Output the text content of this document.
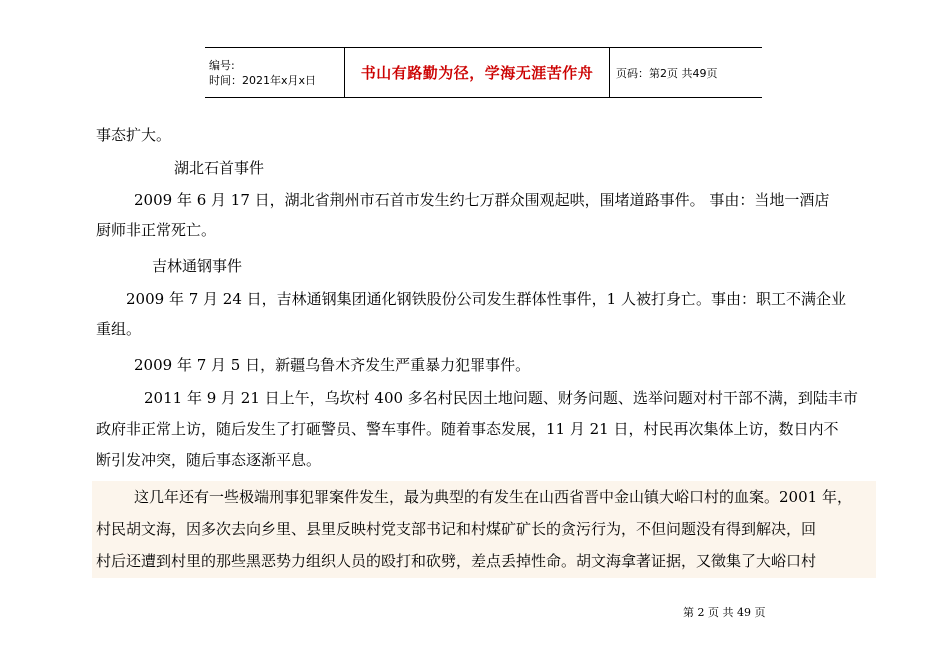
编号:
时间：2021年x月x日	书山有路勤为径，学海无涯苦作舟	页码：第2页 共49页
事态扩大。
湖北石首事件
2009 年 6 月 17 日，湖北省荆州市石首市发生约七万群众围观起哄，围堵道路事件。 事由：当地一酒店
厨师非正常死亡。
吉林通钢事件
2009 年 7 月 24 日，吉林通钢集团通化钢铁股份公司发生群体性事件，1 人被打身亡。事由：职工不满企业
重组。
2009 年 7 月 5 日，新疆乌鲁木齐发生严重暴力犯罪事件。
2011 年 9 月 21 日上午，乌坎村 400 多名村民因土地问题、财务问题、选举问题对村干部不满，到陆丰市
政府非正常上访，随后发生了打砸警员、警车事件。随着事态发展，11 月 21 日，村民再次集体上访，数日内不
断引发冲突，随后事态逐渐平息。
这几年还有一些极端刑事犯罪案件发生，最为典型的有发生在山西省晋中金山镇大峪口村的血案。2001 年，
村民胡文海，因多次去向乡里、县里反映村党支部书记和村煤矿矿长的贪污行为，不但问题没有得到解决，回
村后还遭到村里的那些黑恶势力组织人员的殴打和砍劈，差点丢掉性命。胡文海拿著证据，又徵集了大峪口村
第 2 页 共 49 页
